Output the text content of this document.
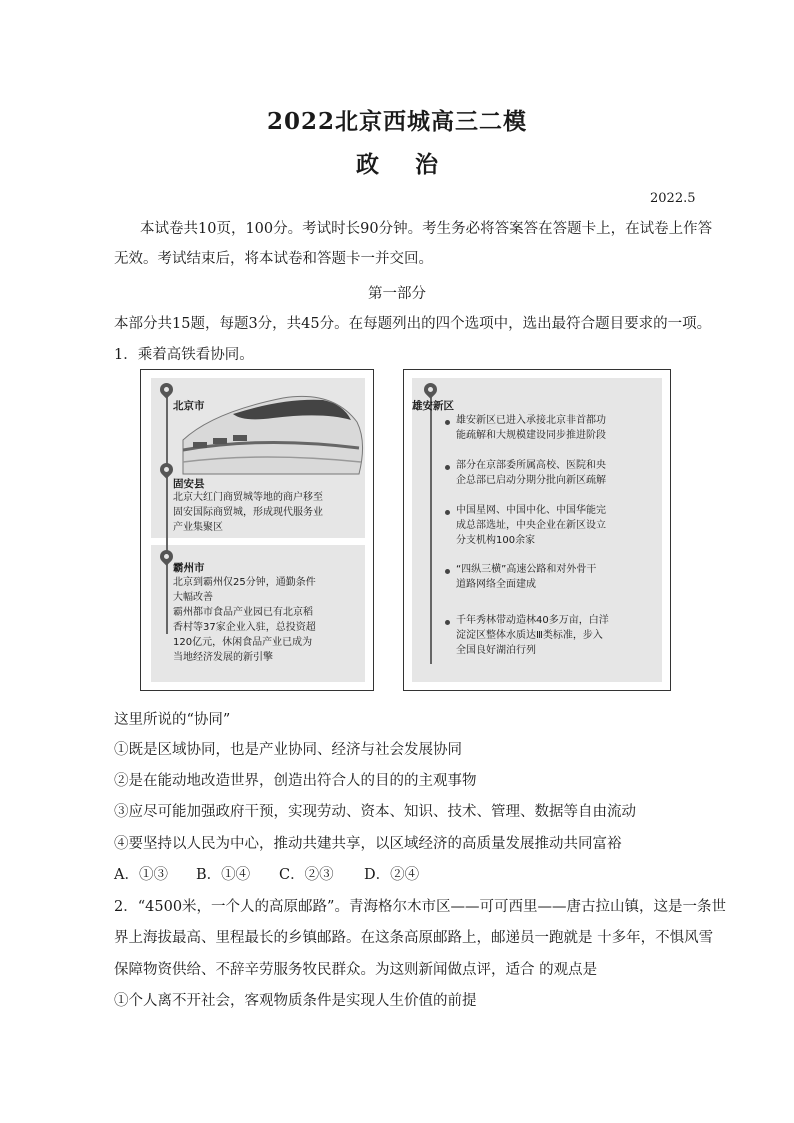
2022北京西城高三二模
政治
2022.5
本试卷共10页，100分。考试时长90分钟。考生务必将答案答在答题卡上，在试卷上作答
无效。考试结束后，将本试卷和答题卡一并交回。
第一部分
本部分共15题，每题3分，共45分。在每题列出的四个选项中，选出最符合题目要求的一项。
1．乘着高铁看协同。
北京市
固安县
北京大红门商贸城等地的商户移至
固安国际商贸城，形成现代服务业
产业集聚区
霸州市
北京到霸州仅25分钟，通勤条件
大幅改善
霸州都市食品产业园已有北京稻
香村等37家企业入驻，总投资超
120亿元，休闲食品产业已成为
当地经济发展的新引擎
雄安新区
雄安新区已进入承接北京非首都功
能疏解和大规模建设同步推进阶段
部分在京部委所属高校、医院和央
企总部已启动分期分批向新区疏解
中国星网、中国中化、中国华能完
成总部选址，中央企业在新区设立
分支机构100余家
“四纵三横”高速公路和对外骨干
道路网络全面建成
千年秀林带动造林40多万亩，白洋
淀淀区整体水质达Ⅲ类标准，步入
全国良好湖泊行列
这里所说的“协同”
①既是区域协同，也是产业协同、经济与社会发展协同
②是在能动地改造世界，创造出符合人的目的的主观事物
③应尽可能加强政府干预，实现劳动、资本、知识、技术、管理、数据等自由流动
④要坚持以人民为中心，推动共建共享，以区域经济的高质量发展推动共同富裕
A．①③ B．①④ C．②③ D．②④
2．“4500米，一个人的高原邮路”。青海格尔木市区——可可西里——唐古拉山镇，这是一条世
界上海拔最高、里程最长的乡镇邮路。在这条高原邮路上，邮递员一跑就是 十多年，不惧风雪
保障物资供给、不辞辛劳服务牧民群众。为这则新闻做点评，适合 的观点是
①个人离不开社会，客观物质条件是实现人生价值的前提
